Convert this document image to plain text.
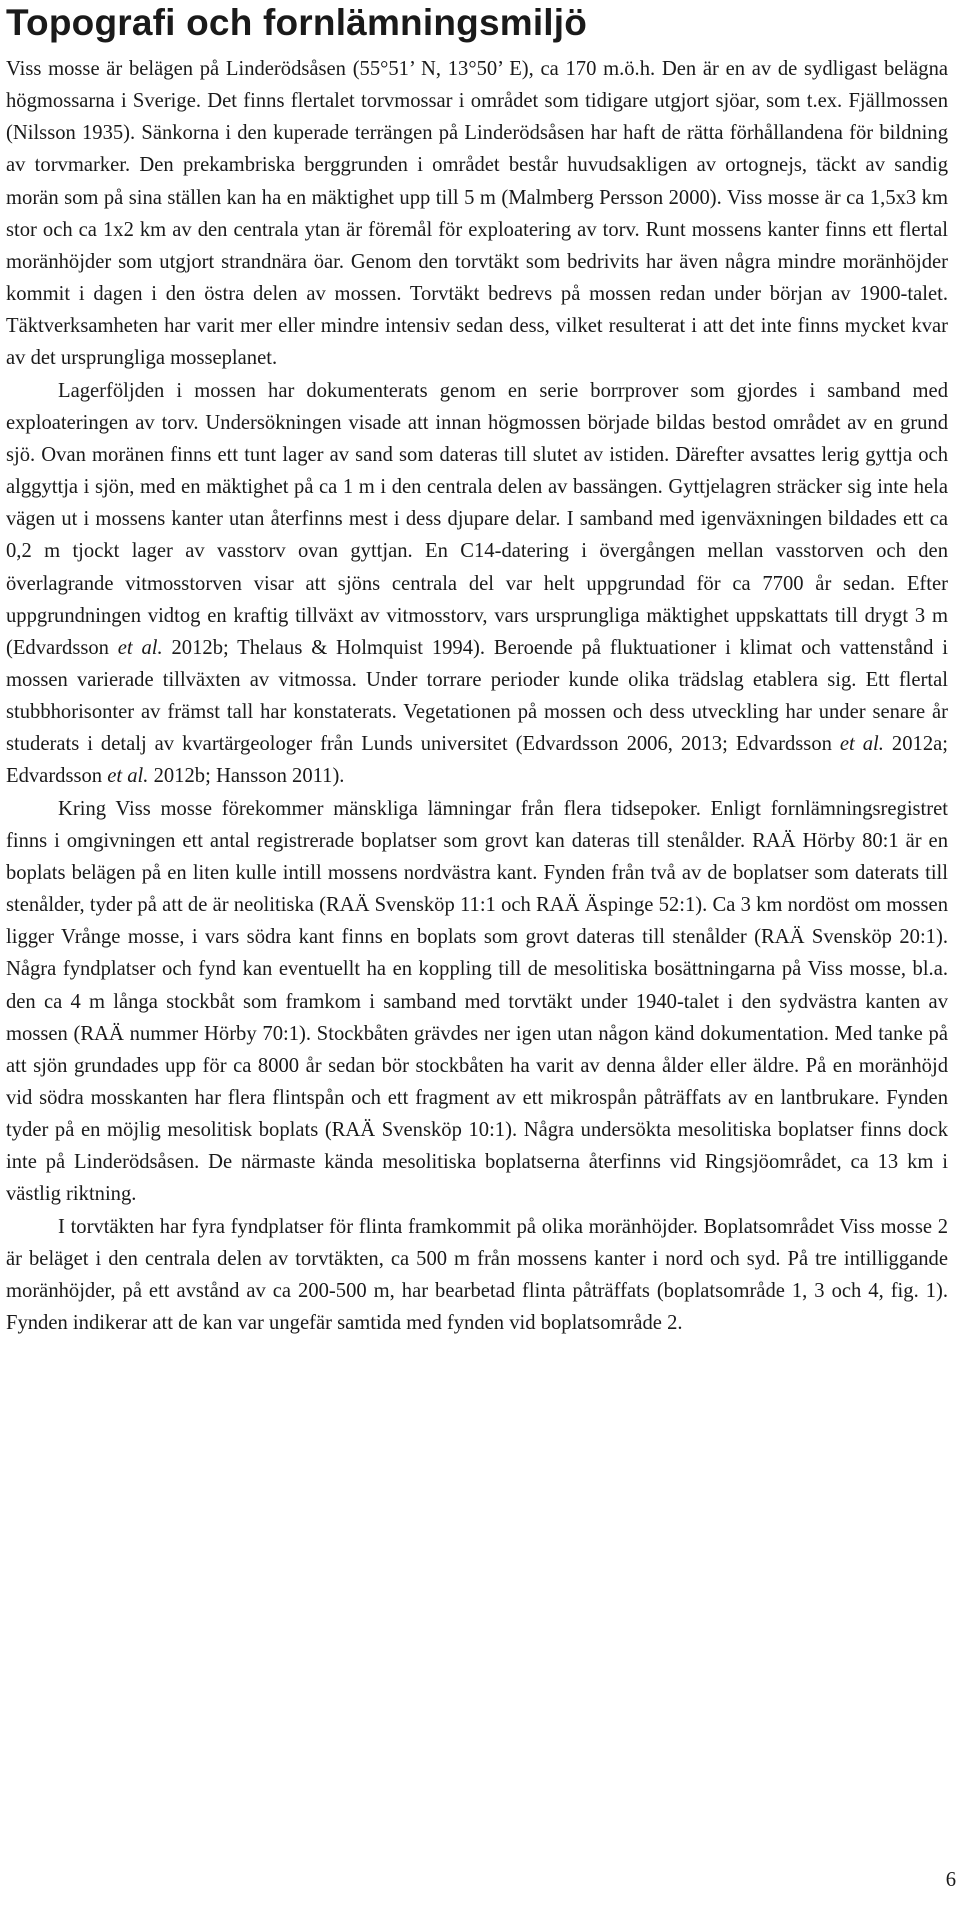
Topografi och fornlämningsmiljö

Viss mosse är belägen på Linderödsåsen (55°51’ N, 13°50’ E), ca 170 m.ö.h. Den är en av de sydligast belägna högmossarna i Sverige. Det finns flertalet torvmossar i området som tidigare utgjort sjöar, som t.ex. Fjällmossen (Nilsson 1935). Sänkorna i den kuperade terrängen på Linderödsåsen har haft de rätta förhållandena för bildning av torvmarker. Den prekambriska berggrunden i området består huvudsakligen av ortognejs, täckt av sandig morän som på sina ställen kan ha en mäktighet upp till 5 m (Malmberg Persson 2000). Viss mosse är ca 1,5x3 km stor och ca 1x2 km av den centrala ytan är föremål för exploatering av torv. Runt mossens kanter finns ett flertal moränhöjder som utgjort strandnära öar. Genom den torvtäkt som bedrivits har även några mindre moränhöjder kommit i dagen i den östra delen av mossen. Torvtäkt bedrevs på mossen redan under början av 1900-talet. Täktverksamheten har varit mer eller mindre intensiv sedan dess, vilket resulterat i att det inte finns mycket kvar av det ursprungliga mosseplanet.

Lagerföljden i mossen har dokumenterats genom en serie borrprover som gjordes i samband med exploateringen av torv. Undersökningen visade att innan högmossen började bildas bestod området av en grund sjö. Ovan moränen finns ett tunt lager av sand som dateras till slutet av istiden. Därefter avsattes lerig gyttja och alggyttja i sjön, med en mäktighet på ca 1 m i den centrala delen av bassängen. Gyttjelagren sträcker sig inte hela vägen ut i mossens kanter utan återfinns mest i dess djupare delar. I samband med igenväxningen bildades ett ca 0,2 m tjockt lager av vasstorv ovan gyttjan. En C14-datering i övergången mellan vasstorven och den överlagrande vitmosstorven visar att sjöns centrala del var helt uppgrundad för ca 7700 år sedan. Efter uppgrundningen vidtog en kraftig tillväxt av vitmosstorv, vars ursprungliga mäktighet uppskattats till drygt 3 m (Edvardsson et al. 2012b; Thelaus & Holmquist 1994). Beroende på fluktuationer i klimat och vattenstånd i mossen varierade tillväxten av vitmossa. Under torrare perioder kunde olika trädslag etablera sig. Ett flertal stubbhorisonter av främst tall har konstaterats. Vegetationen på mossen och dess utveckling har under senare år studerats i detalj av kvartärgeologer från Lunds universitet (Edvardsson 2006, 2013; Edvardsson et al. 2012a; Edvardsson et al. 2012b; Hansson 2011).

Kring Viss mosse förekommer mänskliga lämningar från flera tidsepoker. Enligt fornlämningsregistret finns i omgivningen ett antal registrerade boplatser som grovt kan dateras till stenålder. RAÄ Hörby 80:1 är en boplats belägen på en liten kulle intill mossens nordvästra kant. Fynden från två av de boplatser som daterats till stenålder, tyder på att de är neolitiska (RAÄ Svensköp 11:1 och RAÄ Äspinge 52:1). Ca 3 km nordöst om mossen ligger Vrånge mosse, i vars södra kant finns en boplats som grovt dateras till stenålder (RAÄ Svensköp 20:1). Några fyndplatser och fynd kan eventuellt ha en koppling till de mesolitiska bosättningarna på Viss mosse, bl.a. den ca 4 m långa stockbåt som framkom i samband med torvtäkt under 1940-talet i den sydvästra kanten av mossen (RAÄ nummer Hörby 70:1). Stockbåten grävdes ner igen utan någon känd dokumentation. Med tanke på att sjön grundades upp för ca 8000 år sedan bör stockbåten ha varit av denna ålder eller äldre. På en moränhöjd vid södra mosskanten har flera flintspån och ett fragment av ett mikrospån påträffats av en lantbrukare. Fynden tyder på en möjlig mesolitisk boplats (RAÄ Svensköp 10:1). Några undersökta mesolitiska boplatser finns dock inte på Linderödsåsen. De närmaste kända mesolitiska boplatserna återfinns vid Ringsjöområdet, ca 13 km i västlig riktning.

I torvtäkten har fyra fyndplatser för flinta framkommit på olika moränhöjder. Boplatsområdet Viss mosse 2 är beläget i den centrala delen av torvtäkten, ca 500 m från mossens kanter i nord och syd. På tre intilliggande moränhöjder, på ett avstånd av ca 200-500 m, har bearbetad flinta påträffats (boplatsområde 1, 3 och 4, fig. 1). Fynden indikerar att de kan var ungefär samtida med fynden vid boplatsområde 2.

6
